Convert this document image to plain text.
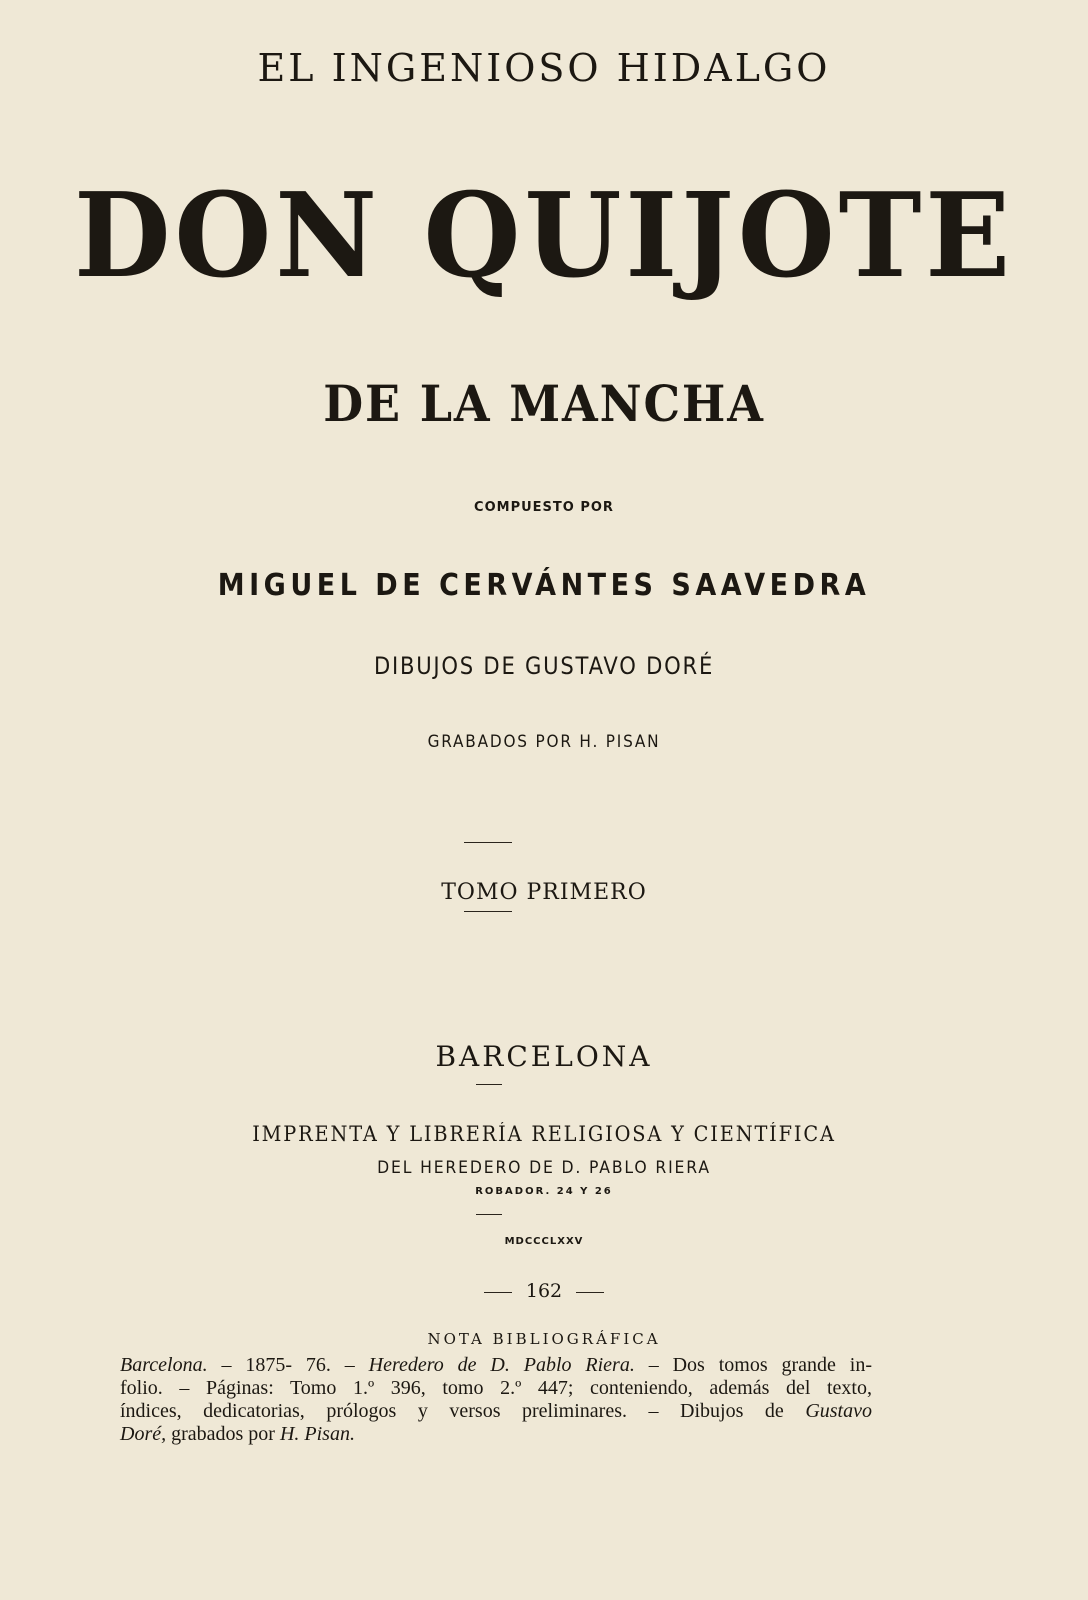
EL INGENIOSO HIDALGO
DON QUIJOTE
DE LA MANCHA
COMPUESTO POR
MIGUEL DE CERVÁNTES SAAVEDRA
DIBUJOS DE GUSTAVO DORÉ
GRABADOS POR H. PISAN
TOMO PRIMERO
BARCELONA
IMPRENTA Y LIBRERÍA RELIGIOSA Y CIENTÍFICA
DEL HEREDERO DE D. PABLO RIERA
ROBADOR. 24 Y 26
MDCCCLXXV
162
NOTA BIBLIOGRÁFICA
Barcelona. – 1875- 76. – Heredero de D. Pablo Riera. – Dos tomos grande in-
folio. – Páginas: Tomo 1.º 396, tomo 2.º 447; conteniendo, además del texto,
índices, dedicatorias, prólogos y versos preliminares. – Dibujos de Gustavo
Doré, grabados por H. Pisan.
